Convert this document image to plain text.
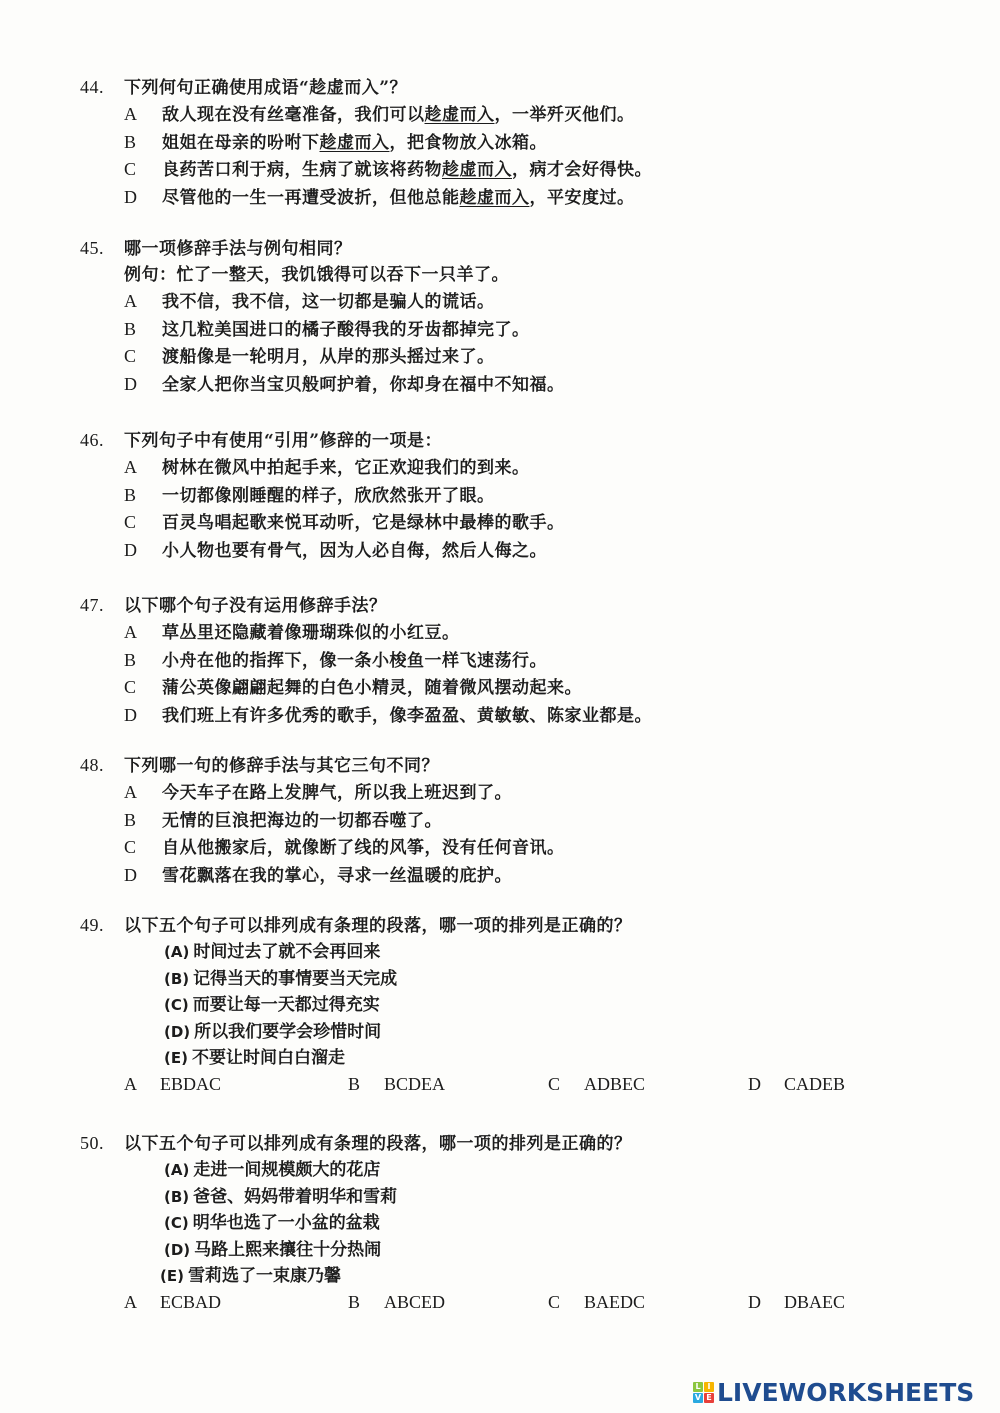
44. 下列何句正确使用成语“趁虚而入”？
A 敌人现在没有丝毫准备，我们可以趁虚而入，一举歼灭他们。
B 姐姐在母亲的吩咐下趁虚而入，把食物放入冰箱。
C 良药苦口利于病，生病了就该将药物趁虚而入，病才会好得快。
D 尽管他的一生一再遭受波折，但他总能趁虚而入，平安度过。
45. 哪一项修辞手法与例句相同？
例句：忙了一整天，我饥饿得可以吞下一只羊了。
A 我不信，我不信，这一切都是骗人的谎话。
B 这几粒美国进口的橘子酸得我的牙齿都掉完了。
C 渡船像是一轮明月，从岸的那头摇过来了。
D 全家人把你当宝贝般呵护着，你却身在福中不知福。
46. 下列句子中有使用“引用”修辞的一项是：
A 树林在微风中拍起手来，它正欢迎我们的到来。
B 一切都像刚睡醒的样子，欣欣然张开了眼。
C 百灵鸟唱起歌来悦耳动听，它是绿林中最棒的歌手。
D 小人物也要有骨气，因为人必自侮，然后人侮之。
47. 以下哪个句子没有运用修辞手法？
A 草丛里还隐藏着像珊瑚珠似的小红豆。
B 小舟在他的指挥下，像一条小梭鱼一样飞速荡行。
C 蒲公英像翩翩起舞的白色小精灵，随着微风摆动起来。
D 我们班上有许多优秀的歌手，像李盈盈、黄敏敏、陈家业都是。
48. 下列哪一句的修辞手法与其它三句不同？
A 今天车子在路上发脾气，所以我上班迟到了。
B 无情的巨浪把海边的一切都吞噬了。
C 自从他搬家后，就像断了线的风筝，没有任何音讯。
D 雪花飘落在我的掌心，寻求一丝温暖的庇护。
49. 以下五个句子可以排列成有条理的段落，哪一项的排列是正确的？
(A) 时间过去了就不会再回来
(B) 记得当天的事情要当天完成
(C) 而要让每一天都过得充实
(D) 所以我们要学会珍惜时间
(E) 不要让时间白白溜走
A EBDAC	B BCDEA	C ADBEC	D CADEB
50. 以下五个句子可以排列成有条理的段落，哪一项的排列是正确的？
(A) 走进一间规模颇大的花店
(B) 爸爸、妈妈带着明华和雪莉
(C) 明华也选了一小盆的盆栽
(D) 马路上熙来攘往十分热闹
(E) 雪莉选了一束康乃馨
A ECBAD	B ABCED	C BAEDC	D DBAEC
L I
V E LIVEWORKSHEETS
